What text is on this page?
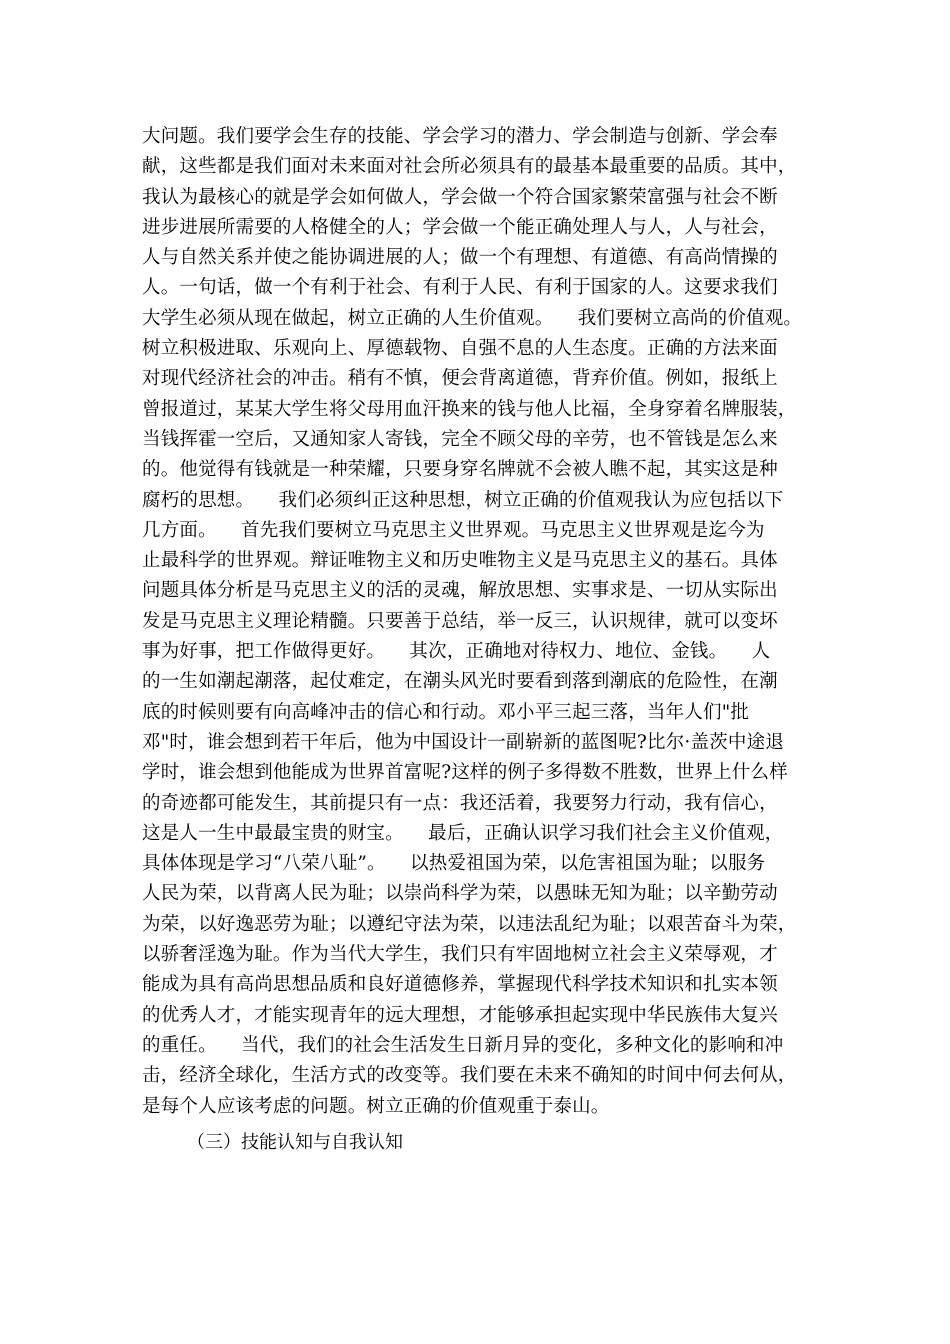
大问题。我们要学会生存的技能、学会学习的潜力、学会制造与创新、学会奉
献，这些都是我们面对未来面对社会所必须具有的最基本最重要的品质。其中，
我认为最核心的就是学会如何做人，学会做一个符合国家繁荣富强与社会不断
进步进展所需要的人格健全的人；学会做一个能正确处理人与人，人与社会，
人与自然关系并使之能协调进展的人；做一个有理想、有道德、有高尚情操的
人。一句话，做一个有利于社会、有利于人民、有利于国家的人。这要求我们
大学生必须从现在做起，树立正确的人生价值观。    我们要树立高尚的价值观。
树立积极进取、乐观向上、厚德载物、自强不息的人生态度。正确的方法来面
对现代经济社会的冲击。稍有不慎，便会背离道德，背弃价值。例如，报纸上
曾报道过，某某大学生将父母用血汗换来的钱与他人比福，全身穿着名牌服装，
当钱挥霍一空后，又通知家人寄钱，完全不顾父母的辛劳，也不管钱是怎么来
的。他觉得有钱就是一种荣耀，只要身穿名牌就不会被人瞧不起，其实这是种
腐朽的思想。    我们必须纠正这种思想，树立正确的价值观我认为应包括以下
几方面。    首先我们要树立马克思主义世界观。马克思主义世界观是迄今为
止最科学的世界观。辩证唯物主义和历史唯物主义是马克思主义的基石。具体
问题具体分析是马克思主义的活的灵魂，解放思想、实事求是、一切从实际出
发是马克思主义理论精髓。只要善于总结，举一反三，认识规律，就可以变坏
事为好事，把工作做得更好。    其次，正确地对待权力、地位、金钱。    人
的一生如潮起潮落，起仗难定，在潮头风光时要看到落到潮底的危险性，在潮
底的时候则要有向高峰冲击的信心和行动。邓小平三起三落，当年人们"批
邓"时，谁会想到若干年后，他为中国设计一副崭新的蓝图呢?比尔·盖茨中途退
学时，谁会想到他能成为世界首富呢?这样的例子多得数不胜数，世界上什么样
的奇迹都可能发生，其前提只有一点：我还活着，我要努力行动，我有信心，
这是人一生中最最宝贵的财宝。    最后，正确认识学习我们社会主义价值观，
具体体现是学习“八荣八耻”。    以热爱祖国为荣，以危害祖国为耻；以服务
人民为荣，以背离人民为耻；以崇尚科学为荣，以愚昧无知为耻；以辛勤劳动
为荣，以好逸恶劳为耻；以遵纪守法为荣，以违法乱纪为耻；以艰苦奋斗为荣，
以骄奢淫逸为耻。作为当代大学生，我们只有牢固地树立社会主义荣辱观，才
能成为具有高尚思想品质和良好道德修养，掌握现代科学技术知识和扎实本领
的优秀人才，才能实现青年的远大理想，才能够承担起实现中华民族伟大复兴
的重任。    当代，我们的社会生活发生日新月异的变化，多种文化的影响和冲
击，经济全球化，生活方式的改变等。我们要在未来不确知的时间中何去何从，
是每个人应该考虑的问题。树立正确的价值观重于泰山。
（三）技能认知与自我认知
